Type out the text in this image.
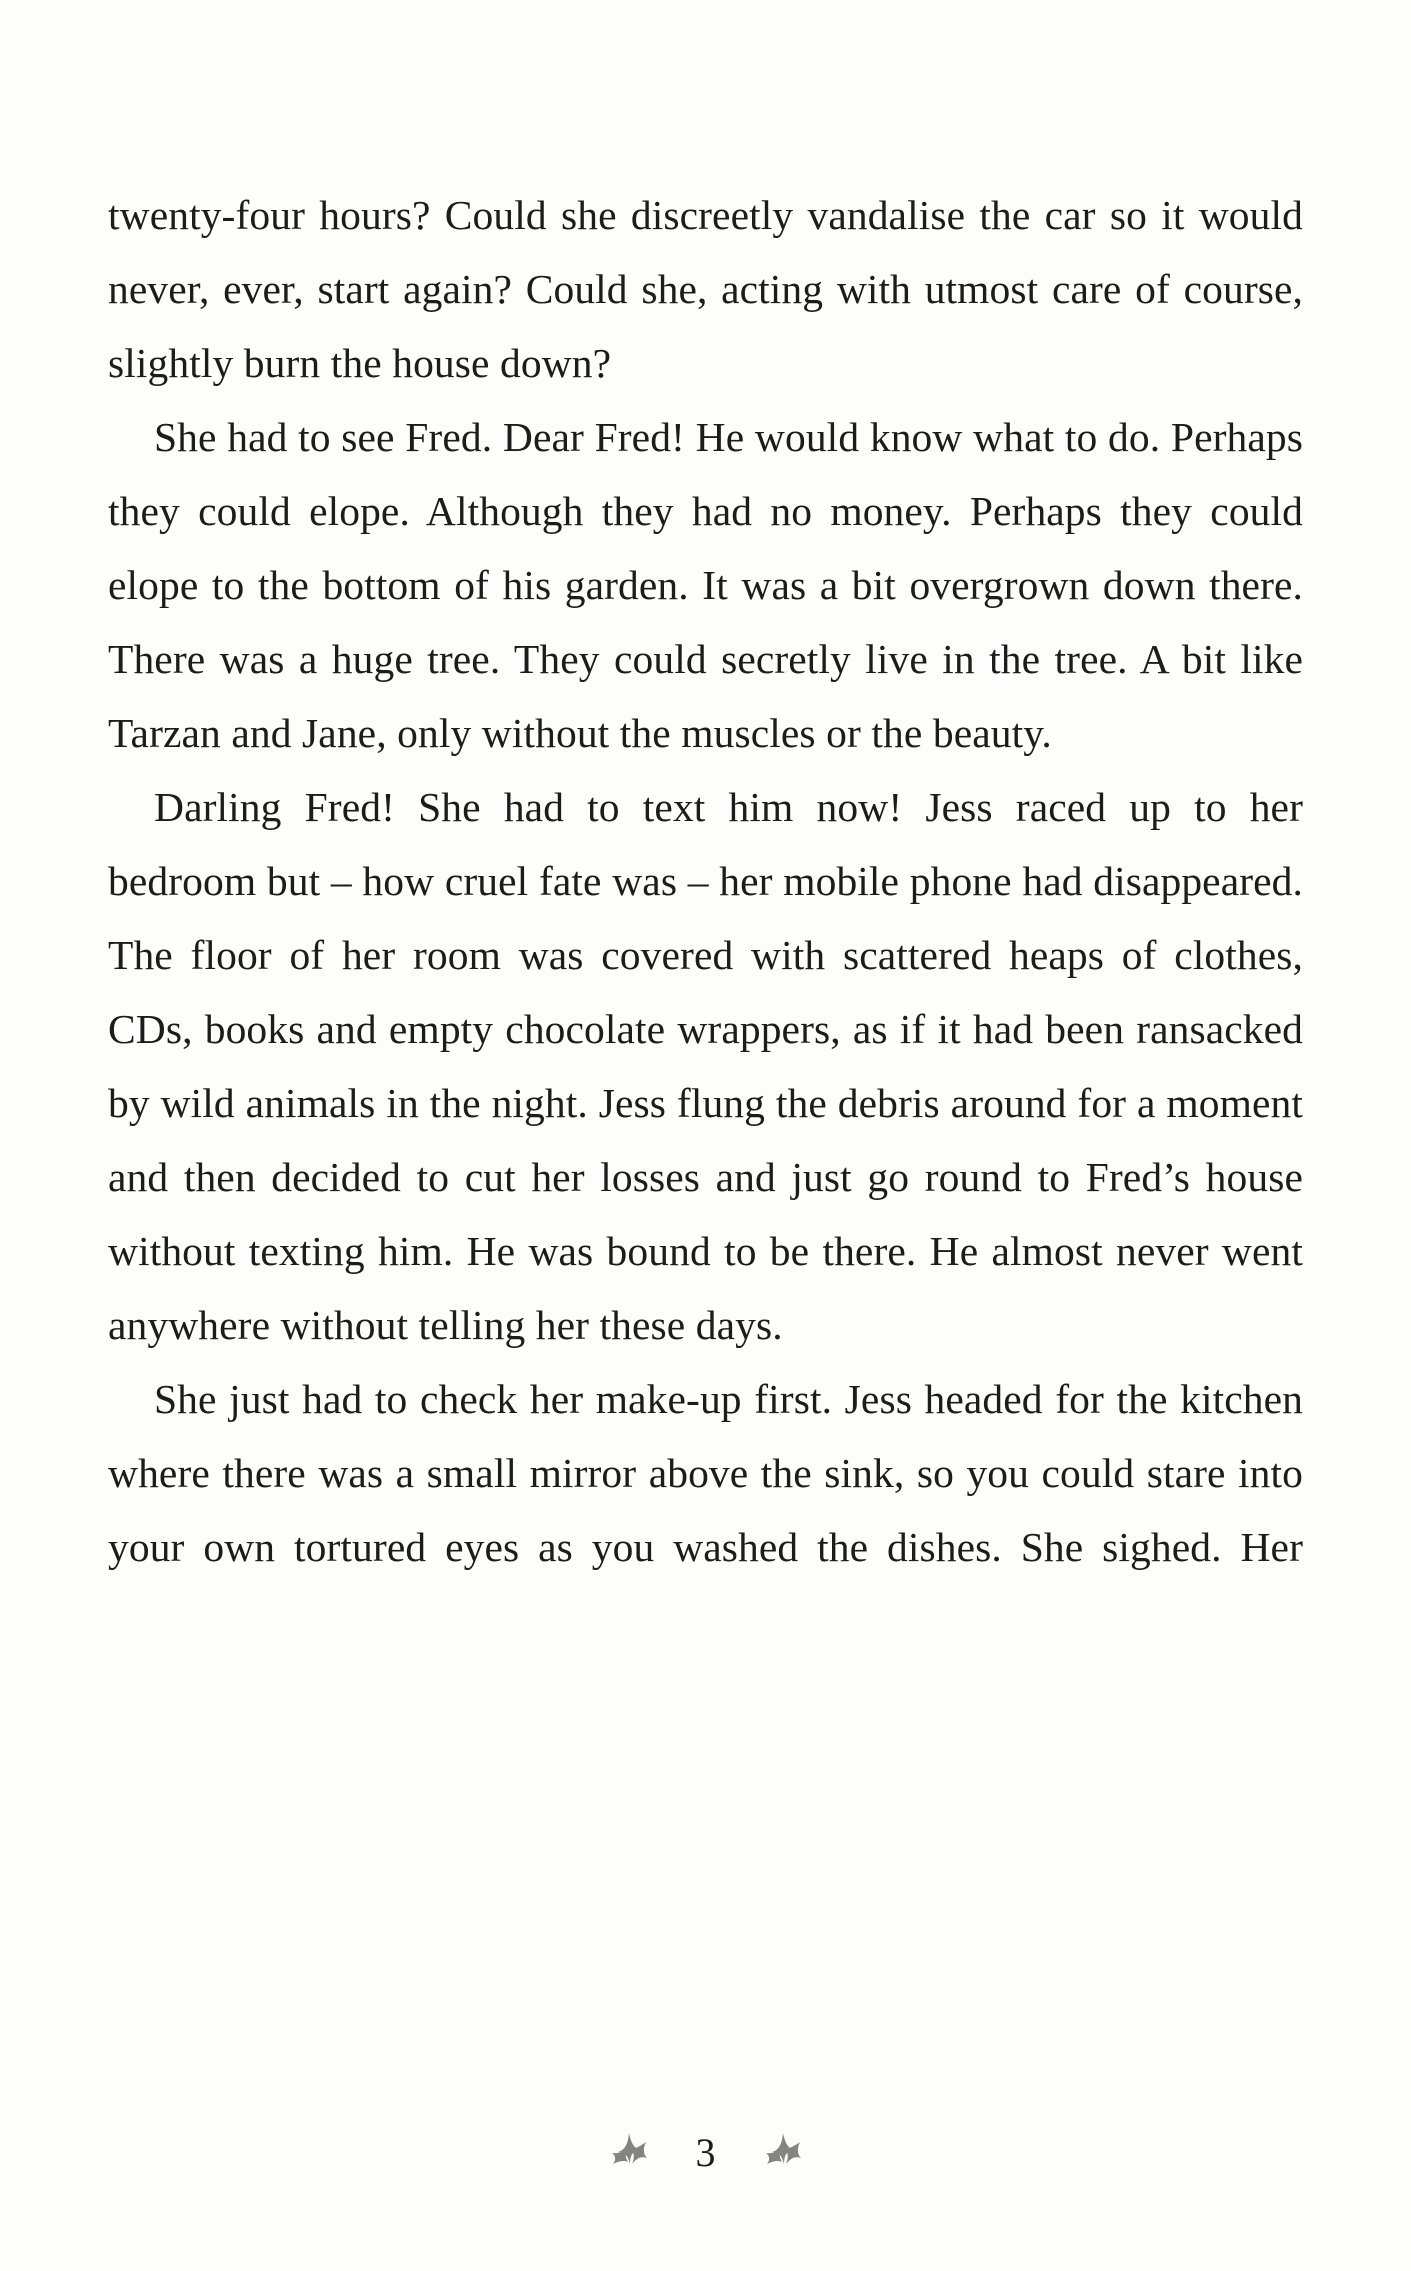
twenty-four hours? Could she discreetly vandalise the car so it would never, ever, start again? Could she, acting with utmost care of course, slightly burn the house down?

She had to see Fred. Dear Fred! He would know what to do. Perhaps they could elope. Although they had no money. Perhaps they could elope to the bottom of his garden. It was a bit overgrown down there. There was a huge tree. They could secretly live in the tree. A bit like Tarzan and Jane, only without the muscles or the beauty.

Darling Fred! She had to text him now! Jess raced up to her bedroom but – how cruel fate was – her mobile phone had disappeared. The floor of her room was covered with scattered heaps of clothes, CDs, books and empty chocolate wrappers, as if it had been ransacked by wild animals in the night. Jess flung the debris around for a moment and then decided to cut her losses and just go round to Fred’s house without texting him. He was bound to be there. He almost never went anywhere without telling her these days.

She just had to check her make-up first. Jess headed for the kitchen where there was a small mirror above the sink, so you could stare into your own tortured eyes as you washed the dishes. She sighed. Her

3
